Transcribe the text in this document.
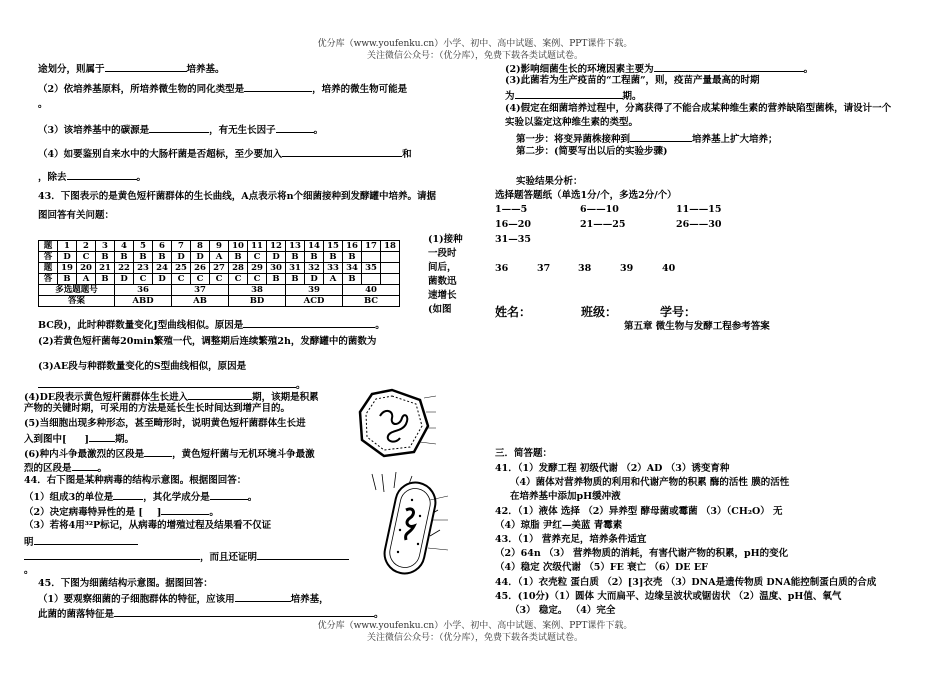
优分库（www.youfenku.cn）小学、初中、高中试题、案例、PPT课件下载。
关注微信公众号：（优分库），免费下载各类试题试卷。
途划分，则属于	培养基。
（2）依培养基原料，所培养微生物的同化类型是	，培养的微生物可能是
。
（3）该培养基中的碳源是	，有无生长因子	。
（4）如要鉴别自来水中的大肠杆菌是否超标，至少要加入	和
，除去	。
43．下图表示的是黄色短杆菌群体的生长曲线，A点表示将n个细菌接种到发酵罐中培养。请据
图回答有关问题：
题	1	2	3	4	5	6	7	8	9	10	11	12	13	14	15	16	17	18
答	D	C	B	B	B	B	D	D	A	B	C	D	B	B	B	B		
题	19	20	21	22	23	24	25	26	27	28	29	30	31	32	33	34	35	
答	B	A	B	D	C	D	C	C	C	C	C	B	B	D	A	B		
多选题题号				36			37			38			39			40		
答案				ABD			AB			BD			ACD			BC		
(1)接种一段时间后，菌数迅速增长(如图
BC段)，此时种群数量变化J型曲线相似。原因是	。
(2)若黄色短杆菌每20min繁殖一代，调整期后连续繁殖2h，发酵罐中的菌数为
(3)AE段与种群数量变化的S型曲线相似，原因是
。
(4)DE段表示黄色短杆菌群体生长进入	期，该期是积累
产物的关键时期，可采用的方法是延长生长时间达到增产目的。
(5)当细胞出现多种形态，甚至畸形时，说明黄色短杆菌群体生长进
入到图中[ ]	期。
(6)种内斗争最激烈的区段是	，黄色短杆菌与无机环境斗争最激
烈的区段是	。
44．右下图是某种病毒的结构示意图。根据图回答：
（1）组成3的单位是	，其化学成分是	。
（2）决定病毒特异性的是 [ ]	。
（3）若将4用³²P标记，从病毒的增殖过程及结果看不仅证
明
，而且还证明
。
45．下图为细菌结构示意图。据图回答：
（1）要观察细菌的子细胞群体的特征，应该用	培养基，
此菌的菌落特征是	。
(2)影响细菌生长的环境因素主要为	。
(3)此菌若为生产疫苗的“工程菌”，则，疫苗产量最高的时期
为	期。
(4)假定在细菌培养过程中，分离获得了不能合成某种维生素的营养缺陷型菌株，请设计一个
实验以鉴定这种维生素的类型。
第一步：将变异菌株接种到	培养基上扩大培养；
第二步：(简要写出以后的实验步骤)
实验结果分析：
选择题答题纸（单选1分/个，多选2分/个）
1——5	6——10	11——15
16—20	21——25	26——30
31—35
36	37	38	39	40
姓名：	班级：	学号：
第五章 微生物与发酵工程参考答案
三．简答题：
41．（1）发酵工程 初级代谢 （2）AD （3）诱变育种
（4）菌体对营养物质的利用和代谢产物的积累 酶的活性 膜的活性
在培养基中添加pH缓冲液
42．（1）液体 选择 （2）异养型 酵母菌或霉菌 （3）（CH₂O） 无
（4）琼脂 尹红—美蓝 青霉素
43．（1） 营养充足，培养条件适宜
（2）64n （3） 营养物质的消耗，有害代谢产物的积累，pH的变化
（4）稳定 次级代谢 （5）FE 衰亡 （6）DE EF
44．（1）衣壳粒 蛋白质 （2）[3]衣壳 （3）DNA是遗传物质 DNA能控制蛋白质的合成
45．(10分)（1）圆体 大而扁平、边缘呈波状或锯齿状 （2）温度、pH值、氧气
（3） 稳定。 （4）完全
优分库（www.youfenku.cn）小学、初中、高中试题、案例、PPT课件下载。
关注微信公众号：（优分库），免费下载各类试题试卷。
